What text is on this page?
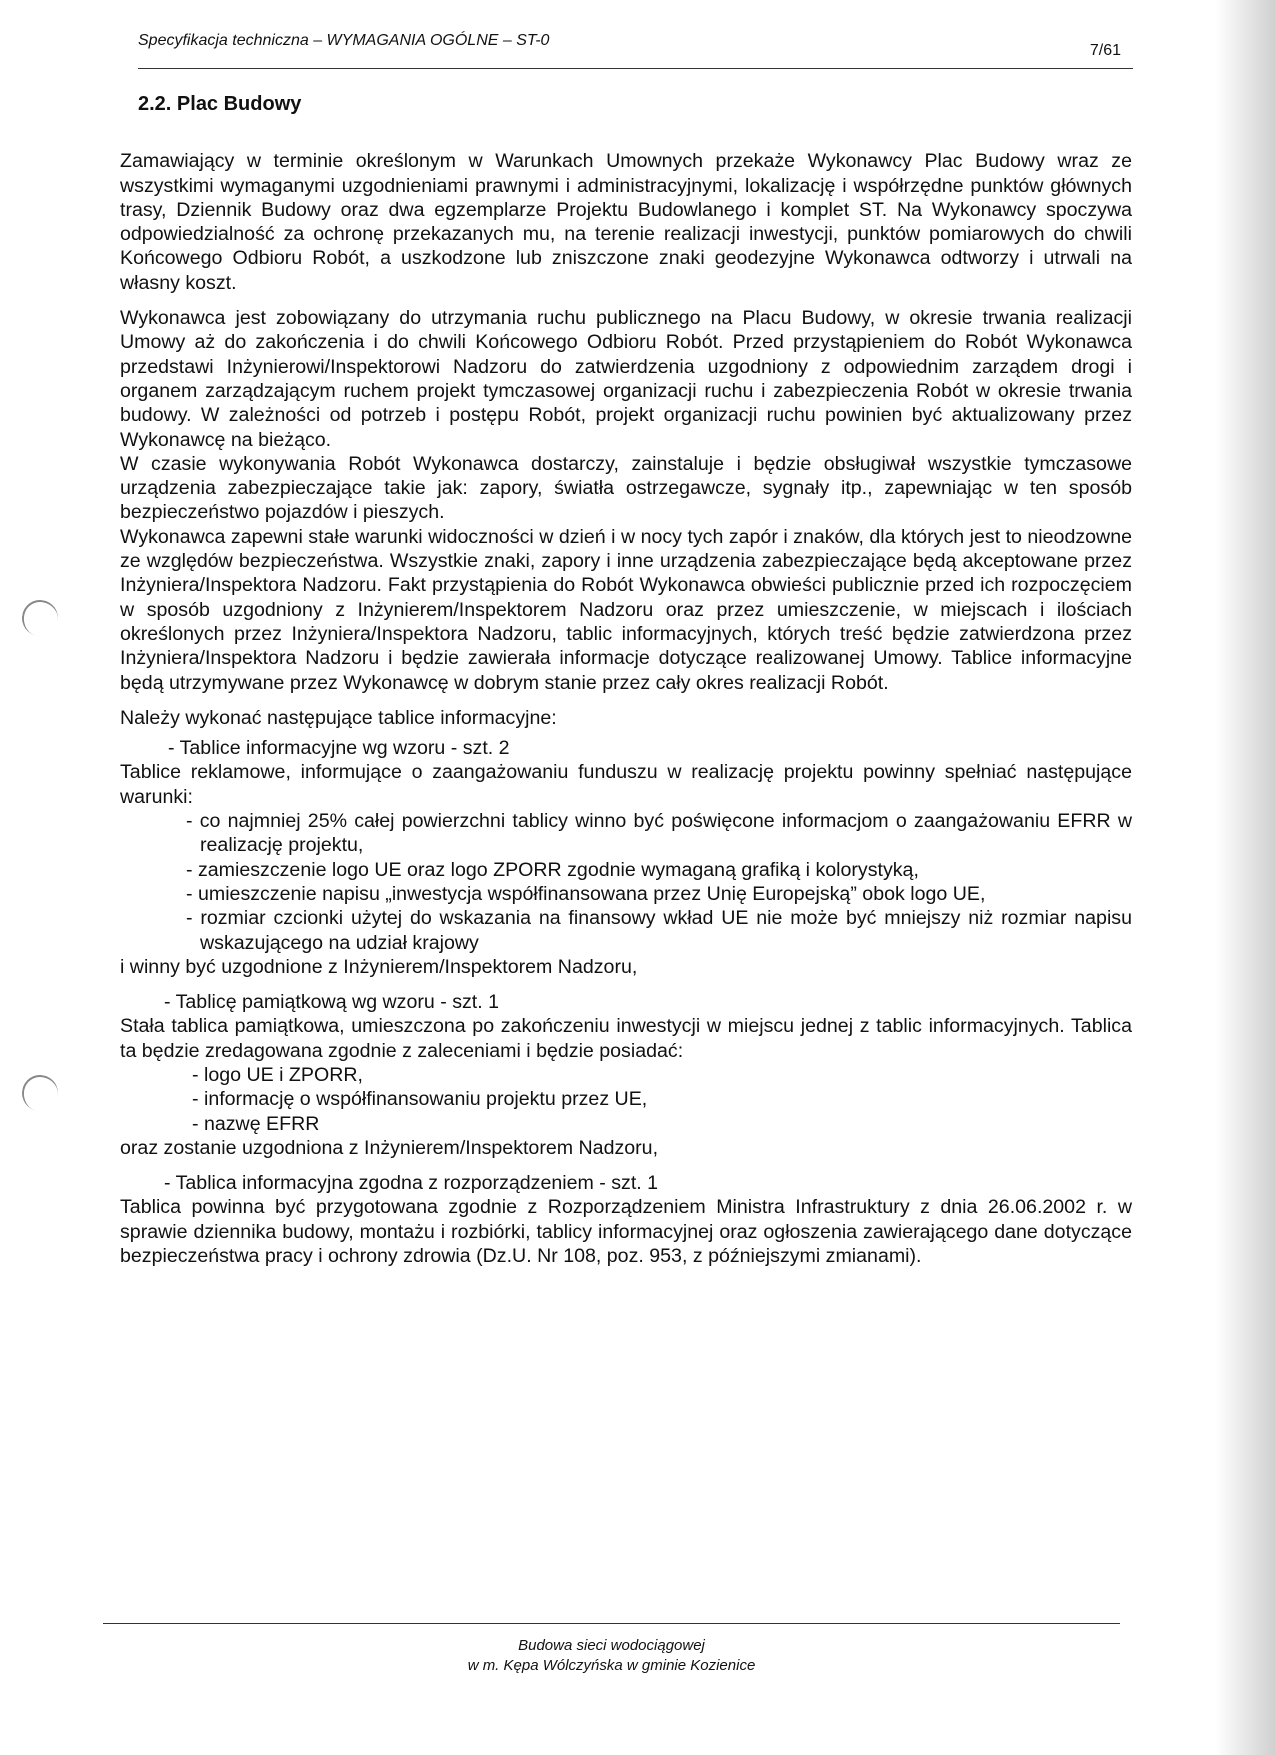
Specyfikacja techniczna – WYMAGANIA OGÓLNE – ST-0
7/61
2.2. Plac Budowy

Zamawiający w terminie określonym w Warunkach Umownych przekaże Wykonawcy Plac Budowy wraz ze wszystkimi wymaganymi uzgodnieniami prawnymi i administracyjnymi, lokalizację i współrzędne punktów głównych trasy, Dziennik Budowy oraz dwa egzemplarze Projektu Budowlanego i komplet ST. Na Wykonawcy spoczywa odpowiedzialność za ochronę przekazanych mu, na terenie realizacji inwestycji, punktów pomiarowych do chwili Końcowego Odbioru Robót, a uszkodzone lub zniszczone znaki geodezyjne Wykonawca odtworzy i utrwali na własny koszt.

Wykonawca jest zobowiązany do utrzymania ruchu publicznego na Placu Budowy, w okresie trwania realizacji Umowy aż do zakończenia i do chwili Końcowego Odbioru Robót. Przed przystąpieniem do Robót Wykonawca przedstawi Inżynierowi/Inspektorowi Nadzoru do zatwierdzenia uzgodniony z odpowiednim zarządem drogi i organem zarządzającym ruchem projekt tymczasowej organizacji ruchu i zabezpieczenia Robót w okresie trwania budowy. W zależności od potrzeb i postępu Robót, projekt organizacji ruchu powinien być aktualizowany przez Wykonawcę na bieżąco.

W czasie wykonywania Robót Wykonawca dostarczy, zainstaluje i będzie obsługiwał wszystkie tymczasowe urządzenia zabezpieczające takie jak: zapory, światła ostrzegawcze, sygnały itp., zapewniając w ten sposób bezpieczeństwo pojazdów i pieszych.

Wykonawca zapewni stałe warunki widoczności w dzień i w nocy tych zapór i znaków, dla których jest to nieodzowne ze względów bezpieczeństwa. Wszystkie znaki, zapory i inne urządzenia zabezpieczające będą akceptowane przez Inżyniera/Inspektora Nadzoru. Fakt przystąpienia do Robót Wykonawca obwieści publicznie przed ich rozpoczęciem w sposób uzgodniony z Inżynierem/Inspektorem Nadzoru oraz przez umieszczenie, w miejscach i ilościach określonych przez Inżyniera/Inspektora Nadzoru, tablic informacyjnych, których treść będzie zatwierdzona przez Inżyniera/Inspektora Nadzoru i będzie zawierała informacje dotyczące realizowanej Umowy. Tablice informacyjne będą utrzymywane przez Wykonawcę w dobrym stanie przez cały okres realizacji Robót.

Należy wykonać następujące tablice informacyjne:

- Tablice informacyjne wg wzoru - szt. 2

Tablice reklamowe, informujące o zaangażowaniu funduszu w realizację projektu powinny spełniać następujące warunki:

- co najmniej 25% całej powierzchni tablicy winno być poświęcone informacjom o zaangażowaniu EFRR w realizację projektu,

- zamieszczenie logo UE oraz logo ZPORR zgodnie wymaganą grafiką i kolorystyką,

- umieszczenie napisu „inwestycja współfinansowana przez Unię Europejską” obok logo UE,

- rozmiar czcionki użytej do wskazania na finansowy wkład UE nie może być mniejszy niż rozmiar napisu wskazującego na udział krajowy

i winny być uzgodnione z Inżynierem/Inspektorem Nadzoru,

- Tablicę pamiątkową wg wzoru - szt. 1

Stała tablica pamiątkowa, umieszczona po zakończeniu inwestycji w miejscu jednej z tablic informacyjnych. Tablica ta będzie zredagowana zgodnie z zaleceniami i będzie posiadać:

- logo UE i ZPORR,

- informację o współfinansowaniu projektu przez UE,

- nazwę EFRR

oraz zostanie uzgodniona z Inżynierem/Inspektorem Nadzoru,

- Tablica informacyjna zgodna z rozporządzeniem - szt. 1

Tablica powinna być przygotowana zgodnie z Rozporządzeniem Ministra Infrastruktury z dnia 26.06.2002 r. w sprawie dziennika budowy, montażu i rozbiórki, tablicy informacyjnej oraz ogłoszenia zawierającego dane dotyczące bezpieczeństwa pracy i ochrony zdrowia (Dz.U. Nr 108, poz. 953, z późniejszymi zmianami).

Budowa sieci wodociągowej
w m. Kępa Wólczyńska w gminie Kozienice
